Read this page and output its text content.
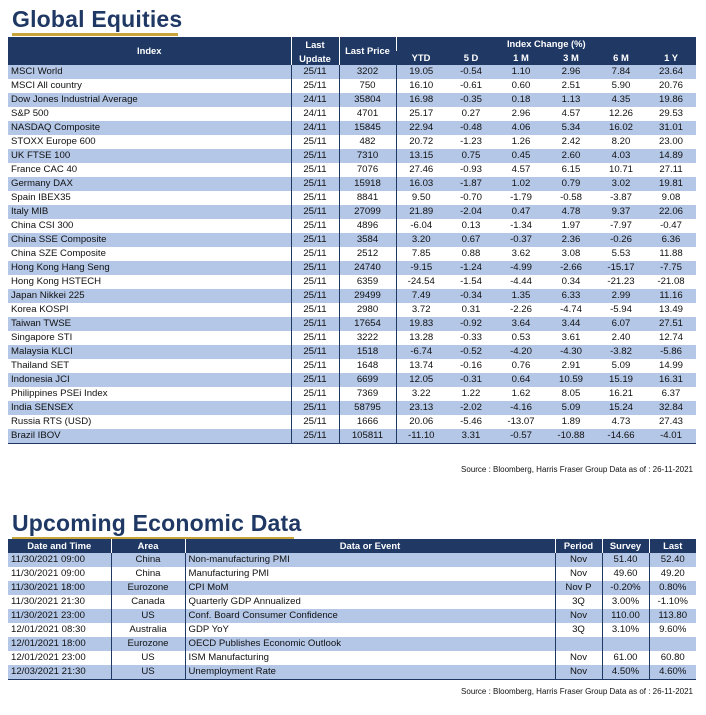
Global Equities
Index	Last	Last Price	Index Change (%)					
	Update		YTD	5 D	1 M	3 M	6 M	1 Y
MSCI World	25/11	3202	19.05	-0.54	1.10	2.96	7.84	23.64
MSCI All country	25/11	750	16.10	-0.61	0.60	2.51	5.90	20.76
Dow Jones Industrial Average	24/11	35804	16.98	-0.35	0.18	1.13	4.35	19.86
S&P 500	24/11	4701	25.17	0.27	2.96	4.57	12.26	29.53
NASDAQ Composite	24/11	15845	22.94	-0.48	4.06	5.34	16.02	31.01
STOXX Europe 600	25/11	482	20.72	-1.23	1.26	2.42	8.20	23.00
UK FTSE 100	25/11	7310	13.15	0.75	0.45	2.60	4.03	14.89
France CAC 40	25/11	7076	27.46	-0.93	4.57	6.15	10.71	27.11
Germany DAX	25/11	15918	16.03	-1.87	1.02	0.79	3.02	19.81
Spain IBEX35	25/11	8841	9.50	-0.70	-1.79	-0.58	-3.87	9.08
Italy MIB	25/11	27099	21.89	-2.04	0.47	4.78	9.37	22.06
China CSI 300	25/11	4896	-6.04	0.13	-1.34	1.97	-7.97	-0.47
China SSE Composite	25/11	3584	3.20	0.67	-0.37	2.36	-0.26	6.36
China SZE Composite	25/11	2512	7.85	0.88	3.62	3.08	5.53	11.88
Hong Kong Hang Seng	25/11	24740	-9.15	-1.24	-4.99	-2.66	-15.17	-7.75
Hong Kong HSTECH	25/11	6359	-24.54	-1.54	-4.44	0.34	-21.23	-21.08
Japan Nikkei 225	25/11	29499	7.49	-0.34	1.35	6.33	2.99	11.16
Korea KOSPI	25/11	2980	3.72	0.31	-2.26	-4.74	-5.94	13.49
Taiwan TWSE	25/11	17654	19.83	-0.92	3.64	3.44	6.07	27.51
Singapore STI	25/11	3222	13.28	-0.33	0.53	3.61	2.40	12.74
Malaysia KLCI	25/11	1518	-6.74	-0.52	-4.20	-4.30	-3.82	-5.86
Thailand SET	25/11	1648	13.74	-0.16	0.76	2.91	5.09	14.99
Indonesia JCI	25/11	6699	12.05	-0.31	0.64	10.59	15.19	16.31
Philippines PSEi Index	25/11	7369	3.22	1.22	1.62	8.05	16.21	6.37
India SENSEX	25/11	58795	23.13	-2.02	-4.16	5.09	15.24	32.84
Russia RTS (USD)	25/11	1666	20.06	-5.46	-13.07	1.89	4.73	27.43
Brazil IBOV	25/11	105811	-11.10	3.31	-0.57	-10.88	-14.66	-4.01
Source : Bloomberg, Harris Fraser Group Data as of : 26-11-2021
Upcoming Economic Data
Date and Time	Area	Data or Event	Period	Survey	Last
11/30/2021 09:00	China	Non-manufacturing PMI	Nov	51.40	52.40
11/30/2021 09:00	China	Manufacturing PMI	Nov	49.60	49.20
11/30/2021 18:00	Eurozone	CPI MoM	Nov P	-0.20%	0.80%
11/30/2021 21:30	Canada	Quarterly GDP Annualized	3Q	3.00%	-1.10%
11/30/2021 23:00	US	Conf. Board Consumer Confidence	Nov	110.00	113.80
12/01/2021 08:30	Australia	GDP YoY	3Q	3.10%	9.60%
12/01/2021 18:00	Eurozone	OECD Publishes Economic Outlook			
12/01/2021 23:00	US	ISM Manufacturing	Nov	61.00	60.80
12/03/2021 21:30	US	Unemployment Rate	Nov	4.50%	4.60%
Source : Bloomberg, Harris Fraser Group Data as of : 26-11-2021
